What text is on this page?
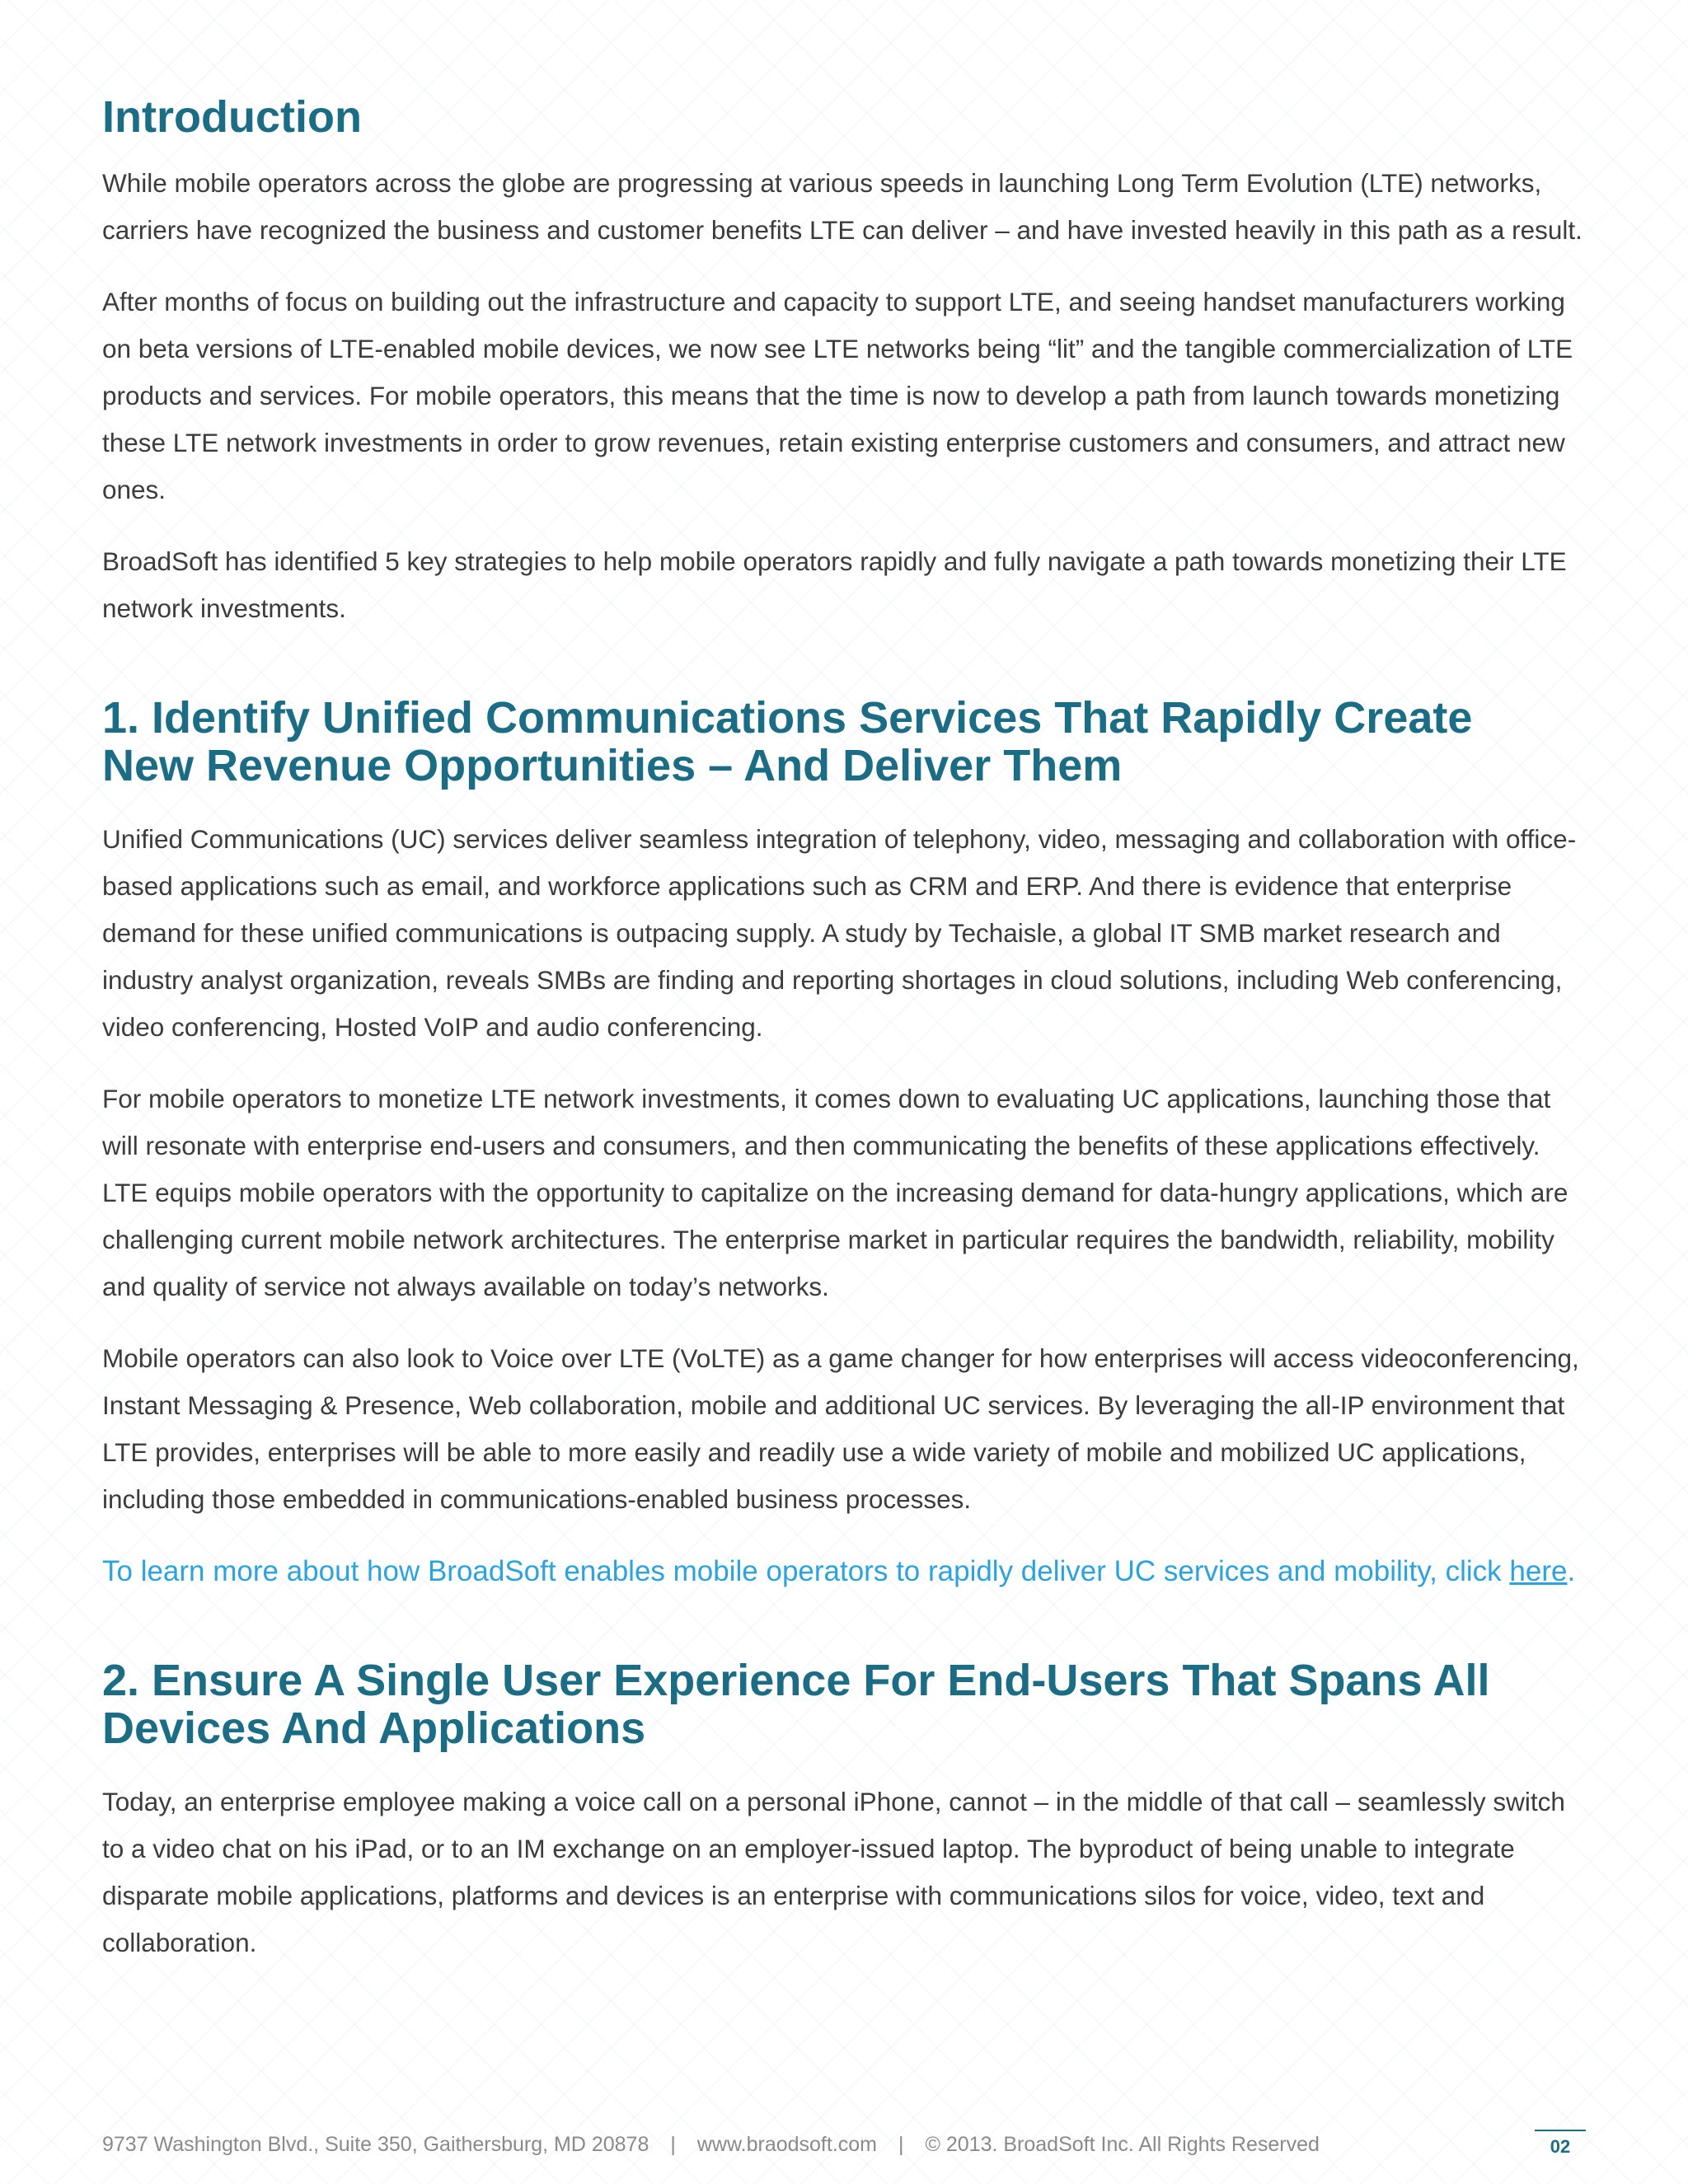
Introduction

While mobile operators across the globe are progressing at various speeds in launching Long Term Evolution (LTE) networks, carriers have recognized the business and customer benefits LTE can deliver – and have invested heavily in this path as a result.

After months of focus on building out the infrastructure and capacity to support LTE, and seeing handset manufacturers working on beta versions of LTE-enabled mobile devices, we now see LTE networks being “lit” and the tangible commercialization of LTE products and services. For mobile operators, this means that the time is now to develop a path from launch towards monetizing these LTE network investments in order to grow revenues, retain existing enterprise customers and consumers, and attract new ones.

BroadSoft has identified 5 key strategies to help mobile operators rapidly and fully navigate a path towards monetizing their LTE network investments.

1. Identify Unified Communications Services That Rapidly Create
New Revenue Opportunities – And Deliver Them

Unified Communications (UC) services deliver seamless integration of telephony, video, messaging and collaboration with office-based applications such as email, and workforce applications such as CRM and ERP. And there is evidence that enterprise demand for these unified communications is outpacing supply. A study by Techaisle, a global IT SMB market research and industry analyst organization, reveals SMBs are finding and reporting shortages in cloud solutions, including Web conferencing, video conferencing, Hosted VoIP and audio conferencing.

For mobile operators to monetize LTE network investments, it comes down to evaluating UC applications, launching those that will resonate with enterprise end-users and consumers, and then communicating the benefits of these applications effectively. LTE equips mobile operators with the opportunity to capitalize on the increasing demand for data-hungry applications, which are challenging current mobile network architectures. The enterprise market in particular requires the bandwidth, reliability, mobility and quality of service not always available on today’s networks.

Mobile operators can also look to Voice over LTE (VoLTE) as a game changer for how enterprises will access videoconferencing, Instant Messaging & Presence, Web collaboration, mobile and additional UC services. By leveraging the all-IP environment that LTE provides, enterprises will be able to more easily and readily use a wide variety of mobile and mobilized UC applications, including those embedded in communications-enabled business processes.

To learn more about how BroadSoft enables mobile operators to rapidly deliver UC services and mobility, click here.

2. Ensure A Single User Experience For End-Users That Spans All
Devices And Applications

Today, an enterprise employee making a voice call on a personal iPhone, cannot – in the middle of that call – seamlessly switch to a video chat on his iPad, or to an IM exchange on an employer-issued laptop. The byproduct of being unable to integrate disparate mobile applications, platforms and devices is an enterprise with communications silos for voice, video, text and collaboration.

9737 Washington Blvd., Suite 350, Gaithersburg, MD 20878 | www.braodsoft.com | © 2013. BroadSoft Inc. All Rights Reserved	02
